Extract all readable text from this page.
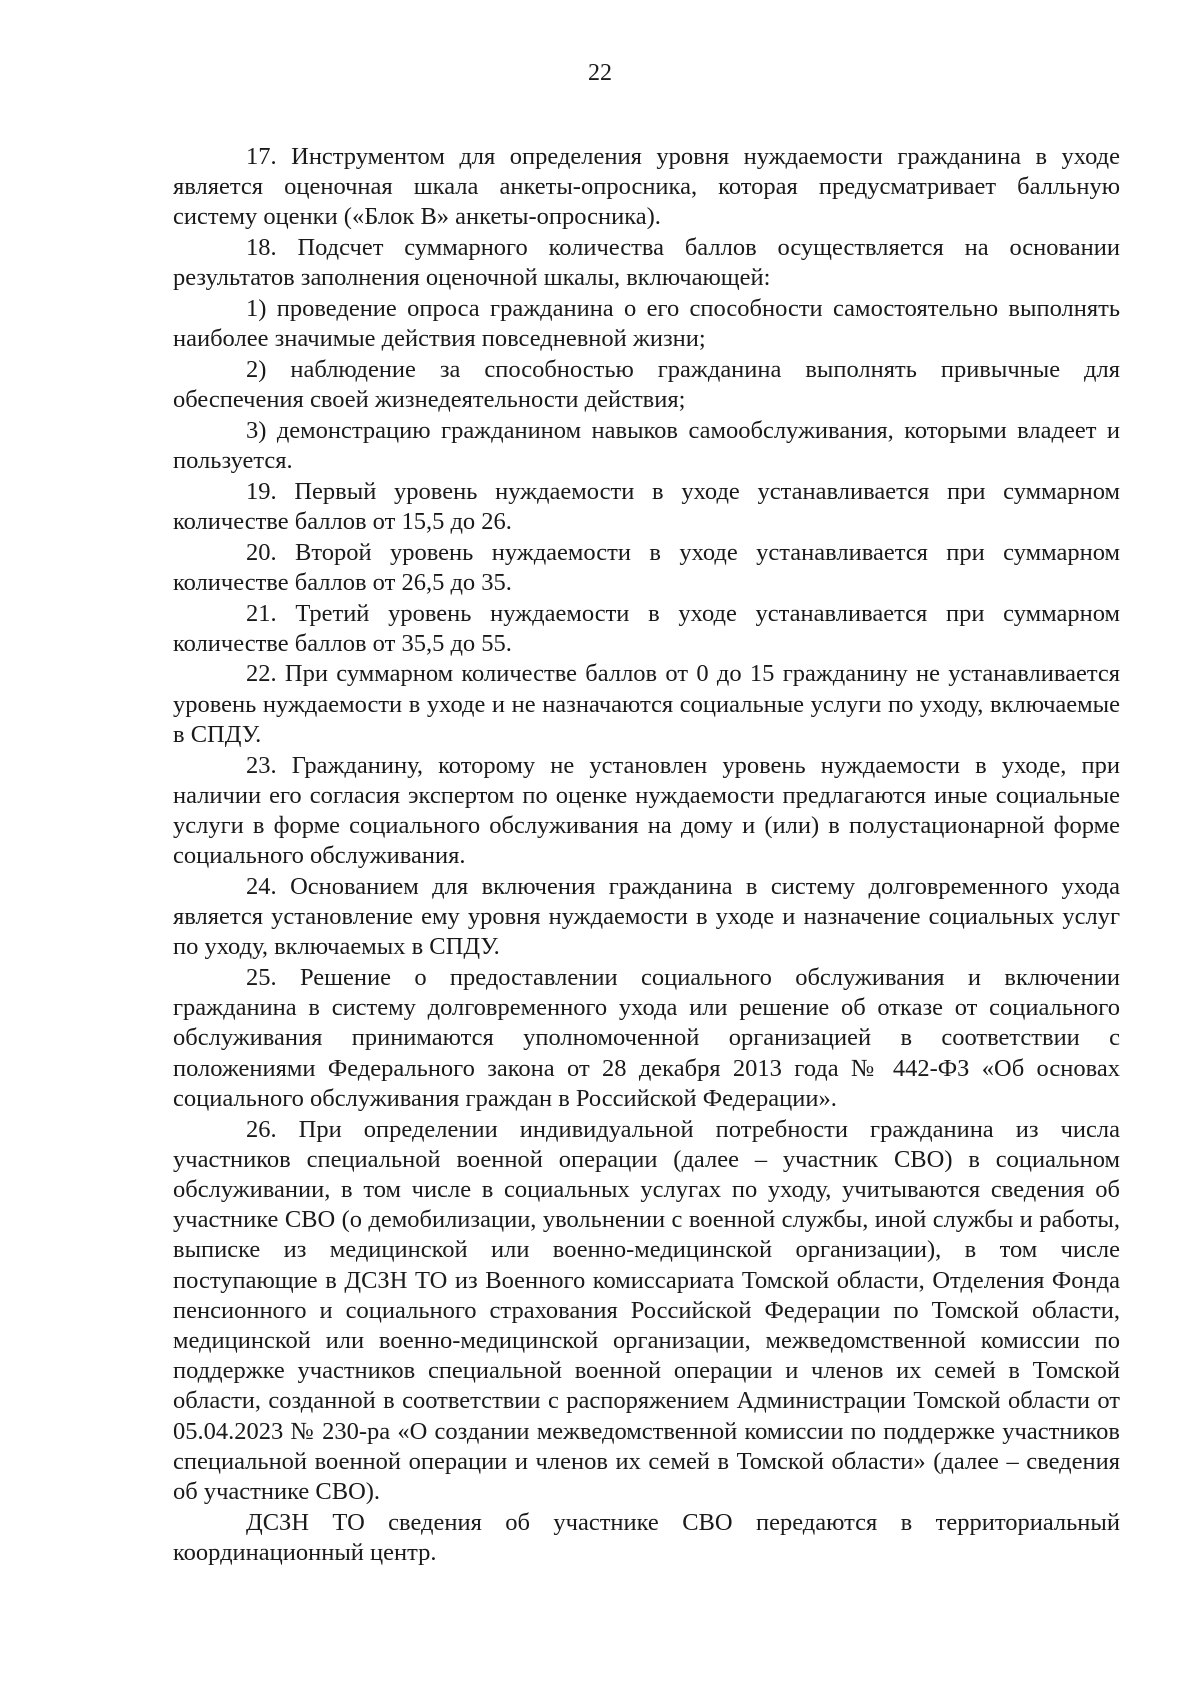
22

17. Инструментом для определения уровня нуждаемости гражданина в уходе является оценочная шкала анкеты-опросника, которая предусматривает балльную систему оценки («Блок В» анкеты-опросника).

18. Подсчет суммарного количества баллов осуществляется на основании результатов заполнения оценочной шкалы, включающей:

1) проведение опроса гражданина о его способности самостоятельно выполнять наиболее значимые действия повседневной жизни;

2) наблюдение за способностью гражданина выполнять привычные для обеспечения своей жизнедеятельности действия;

3) демонстрацию гражданином навыков самообслуживания, которыми владеет и пользуется.

19. Первый уровень нуждаемости в уходе устанавливается при суммарном количестве баллов от 15,5 до 26.

20. Второй уровень нуждаемости в уходе устанавливается при суммарном количестве баллов от 26,5 до 35.

21. Третий уровень нуждаемости в уходе устанавливается при суммарном количестве баллов от 35,5 до 55.

22. При суммарном количестве баллов от 0 до 15 гражданину не устанавливается уровень нуждаемости в уходе и не назначаются социальные услуги по уходу, включаемые в СПДУ.

23. Гражданину, которому не установлен уровень нуждаемости в уходе, при наличии его согласия экспертом по оценке нуждаемости предлагаются иные социальные услуги в форме социального обслуживания на дому и (или) в полустационарной форме социального обслуживания.

24. Основанием для включения гражданина в систему долговременного ухода является установление ему уровня нуждаемости в уходе и назначение социальных услуг по уходу, включаемых в СПДУ.

25. Решение о предоставлении социального обслуживания и включении гражданина в систему долговременного ухода или решение об отказе от социального обслуживания принимаются уполномоченной организацией в соответствии с положениями Федерального закона от 28 декабря 2013 года № 442-ФЗ «Об основах социального обслуживания граждан в Российской Федерации».

26. При определении индивидуальной потребности гражданина из числа участников специальной военной операции (далее – участник СВО) в социальном обслуживании, в том числе в социальных услугах по уходу, учитываются сведения об участнике СВО (о демобилизации, увольнении с военной службы, иной службы и работы, выписке из медицинской или военно-медицинской организации), в том числе поступающие в ДСЗН ТО из Военного комиссариата Томской области, Отделения Фонда пенсионного и социального страхования Российской Федерации по Томской области, медицинской или военно-медицинской организации, межведомственной комиссии по поддержке участников специальной военной операции и членов их семей в Томской области, созданной в соответствии с распоряжением Администрации Томской области от 05.04.2023 № 230-ра «О создании межведомственной комиссии по поддержке участников специальной военной операции и членов их семей в Томской области» (далее – сведения об участнике СВО).

ДСЗН ТО сведения об участнике СВО передаются в территориальный координационный центр.
